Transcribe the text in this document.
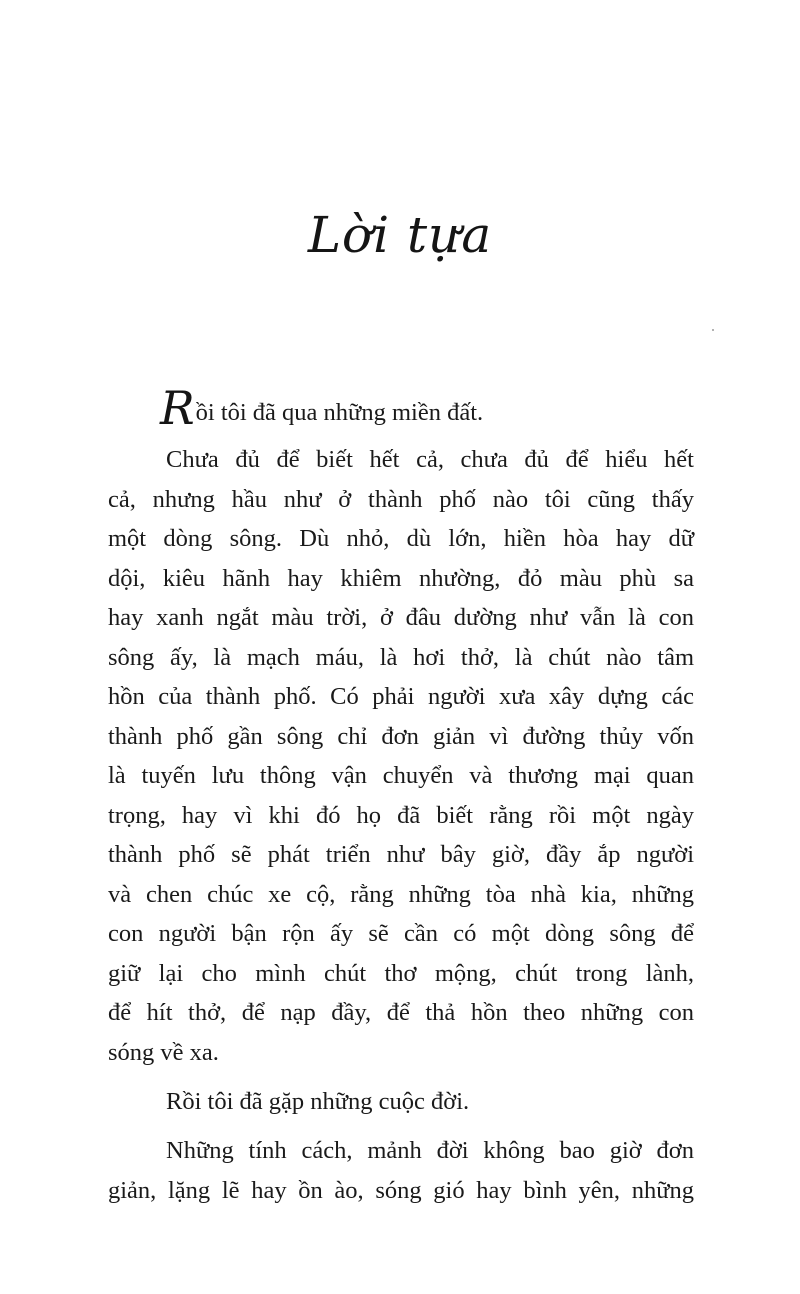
Lời tựa
Rồi tôi đã qua những miền đất.
Chưa đủ để biết hết cả, chưa đủ để hiểu hết
cả, nhưng hầu như ở thành phố nào tôi cũng thấy
một dòng sông. Dù nhỏ, dù lớn, hiền hòa hay dữ
dội, kiêu hãnh hay khiêm nhường, đỏ màu phù sa
hay xanh ngắt màu trời, ở đâu dường như vẫn là con
sông ấy, là mạch máu, là hơi thở, là chút nào tâm
hồn của thành phố. Có phải người xưa xây dựng các
thành phố gần sông chỉ đơn giản vì đường thủy vốn
là tuyến lưu thông vận chuyển và thương mại quan
trọng, hay vì khi đó họ đã biết rằng rồi một ngày
thành phố sẽ phát triển như bây giờ, đầy ắp người
và chen chúc xe cộ, rằng những tòa nhà kia, những
con người bận rộn ấy sẽ cần có một dòng sông để
giữ lại cho mình chút thơ mộng, chút trong lành,
để hít thở, để nạp đầy, để thả hồn theo những con
sóng về xa.
Rồi tôi đã gặp những cuộc đời.
Những tính cách, mảnh đời không bao giờ đơn
giản, lặng lẽ hay ồn ào, sóng gió hay bình yên, những
